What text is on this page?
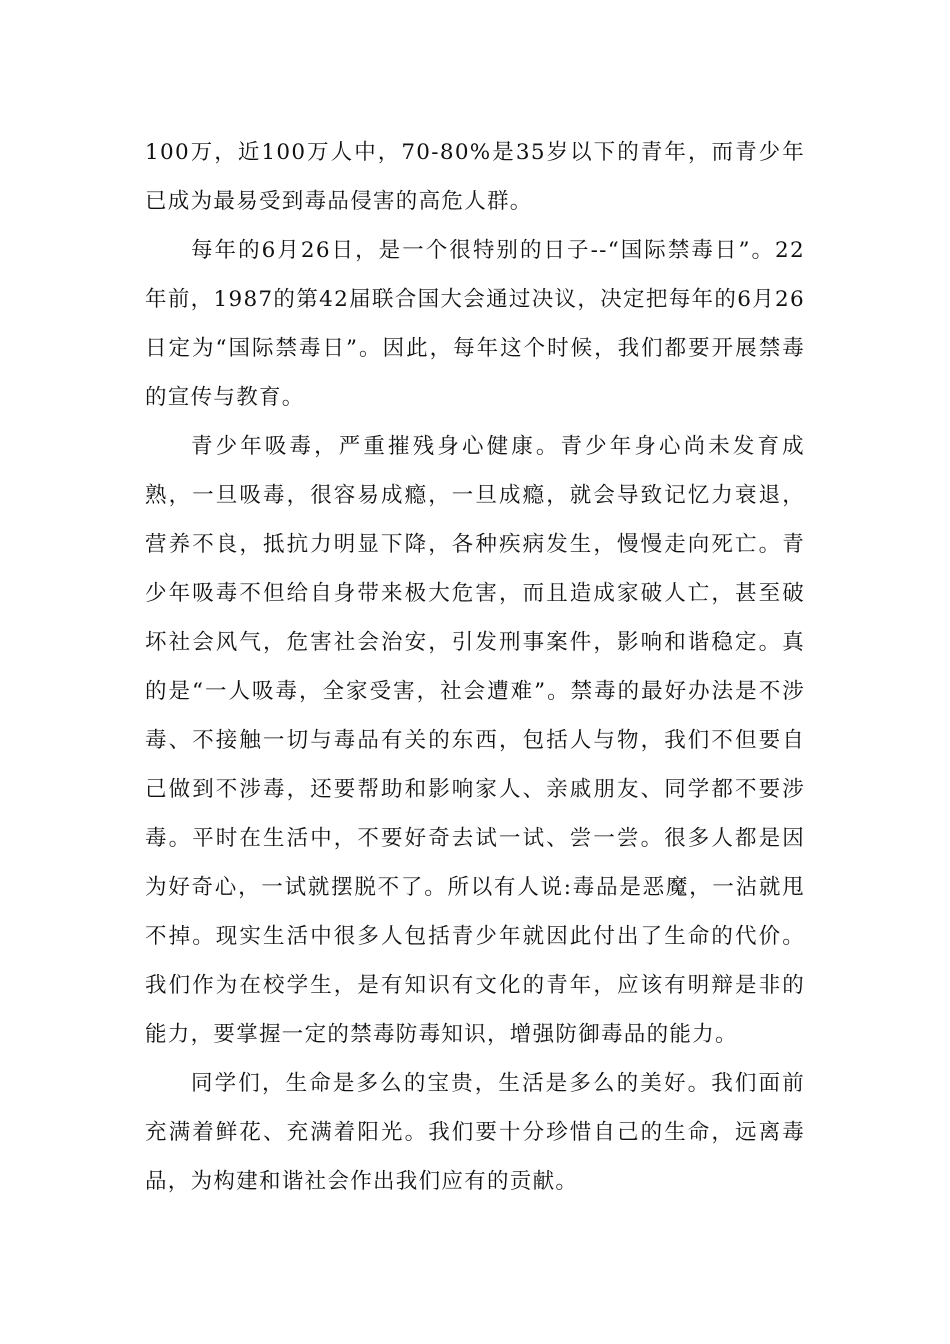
100万，近100万人中，70-80%是35岁以下的青年，而青少年已成为最易受到毒品侵害的高危人群。

每年的6月26日，是一个很特别的日子--“国际禁毒日”。22年前，1987的第42届联合国大会通过决议，决定把每年的6月26日定为“国际禁毒日”。因此，每年这个时候，我们都要开展禁毒的宣传与教育。

青少年吸毒，严重摧残身心健康。青少年身心尚未发育成熟，一旦吸毒，很容易成瘾，一旦成瘾，就会导致记忆力衰退，营养不良，抵抗力明显下降，各种疾病发生，慢慢走向死亡。青少年吸毒不但给自身带来极大危害，而且造成家破人亡，甚至破坏社会风气，危害社会治安，引发刑事案件，影响和谐稳定。真的是“一人吸毒，全家受害，社会遭难”。禁毒的最好办法是不涉毒、不接触一切与毒品有关的东西，包括人与物，我们不但要自己做到不涉毒，还要帮助和影响家人、亲戚朋友、同学都不要涉毒。平时在生活中，不要好奇去试一试、尝一尝。很多人都是因为好奇心，一试就摆脱不了。所以有人说:毒品是恶魔，一沾就甩不掉。现实生活中很多人包括青少年就因此付出了生命的代价。我们作为在校学生，是有知识有文化的青年，应该有明辩是非的能力，要掌握一定的禁毒防毒知识，增强防御毒品的能力。

同学们，生命是多么的宝贵，生活是多么的美好。我们面前充满着鲜花、充满着阳光。我们要十分珍惜自己的生命，远离毒品，为构建和谐社会作出我们应有的贡献。
